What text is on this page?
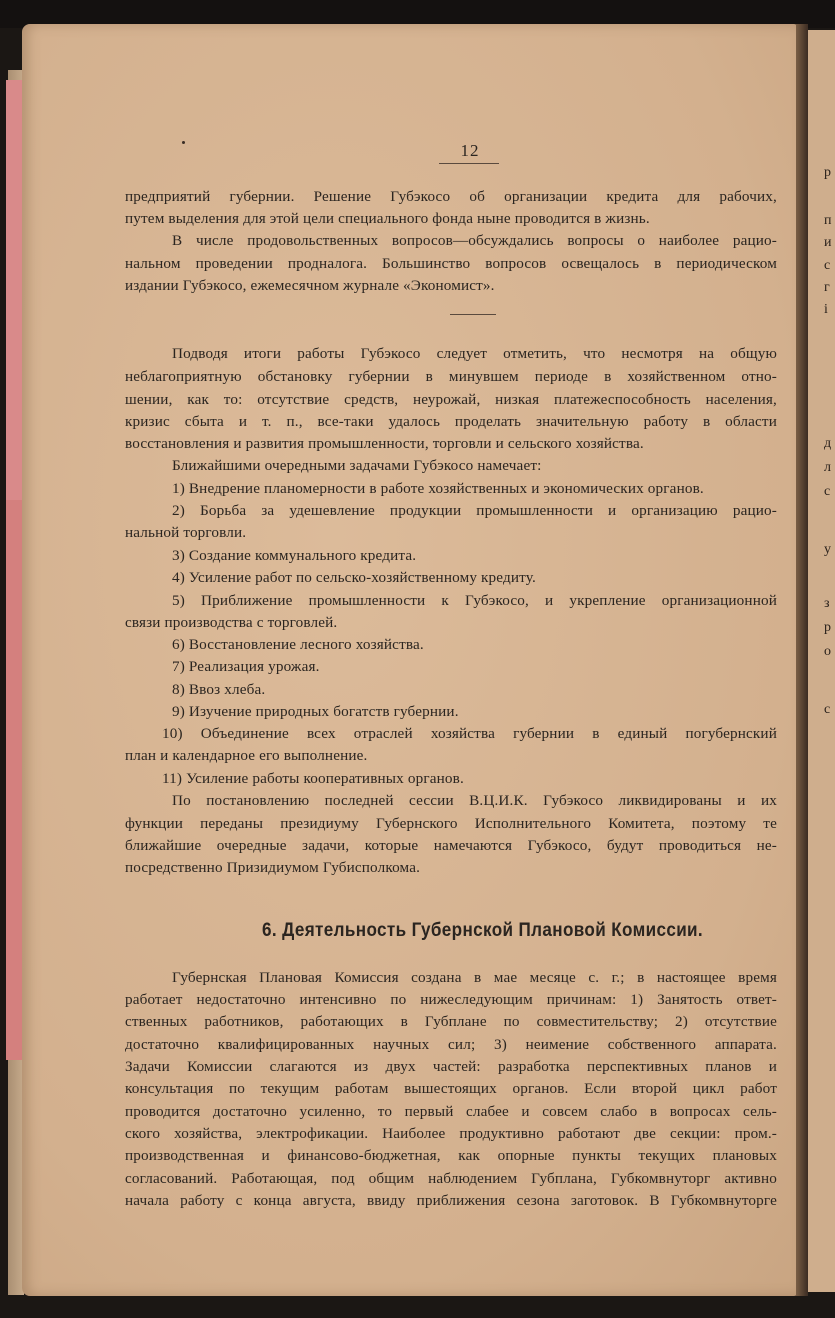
12
предприятий губернии. Решение Губэкосо об организации кредита для рабочих,
путем выделения для этой цели специального фонда ныне проводится в жизнь.
В числе продовольственных вопросов—обсуждались вопросы о наиболее рацио-
нальном проведении продналога. Большинство вопросов освещалось в периодическом
издании Губэкосо, ежемесячном журнале «Экономист».
Подводя итоги работы Губэкосо следует отметить, что несмотря на общую
неблагоприятную обстановку губернии в минувшем периоде в хозяйственном отно-
шении, как то: отсутствие средств, неурожай, низкая платежеспособность населения,
кризис сбыта и т. п., все-таки удалось проделать значительную работу в области
восстановления и развития промышленности, торговли и сельского хозяйства.
Ближайшими очередными задачами Губэкосо намечает:
1) Внедрение планомерности в работе хозяйственных и экономических органов.
2) Борьба за удешевление продукции промышленности и организацию рацио-
нальной торговли.
3) Создание коммунального кредита.
4) Усиление работ по сельско-хозяйственному кредиту.
5) Приближение промышленности к Губэкосо, и укрепление организационной
связи производства с торговлей.
6) Восстановление лесного хозяйства.
7) Реализация урожая.
8) Ввоз хлеба.
9) Изучение природных богатств губернии.
10) Объединение всех отраслей хозяйства губернии в единый погубернский
план и календарное его выполнение.
11) Усиление работы кооперативных органов.
По постановлению последней сессии В.Ц.И.К. Губэкосо ликвидированы и их
функции переданы президиуму Губернского Исполнительного Комитета, поэтому те
ближайшие очередные задачи, которые намечаются Губэкосо, будут проводиться не-
посредственно Призидиумом Губисполкома.
6. Деятельность Губернской Плановой Комиссии.
Губернская Плановая Комиссия создана в мае месяце с. г.; в настоящее время
работает недостаточно интенсивно по нижеследующим причинам: 1) Занятость ответ-
ственных работников, работающих в Губплане по совместительству; 2) отсутствие
достаточно квалифицированных научных сил; 3) неимение собственного аппарата.
Задачи Комиссии слагаются из двух частей: разработка перспективных планов и
консультация по текущим работам вышестоящих органов. Если второй цикл работ
проводится достаточно усиленно, то первый слабее и совсем слабо в вопросах сель-
ского хозяйства, электрофикации. Наиболее продуктивно работают две секции: пром.-
производственная и финансово-бюджетная, как опорные пункты текущих плановых
согласований. Работающая, под общим наблюдением Губплана, Губкомвнуторг активно
начала работу с конца августа, ввиду приближения сезона заготовок. В Губкомвнуторге
р
п
и
с
г
і
д
л
с
у
з
р
о
с
